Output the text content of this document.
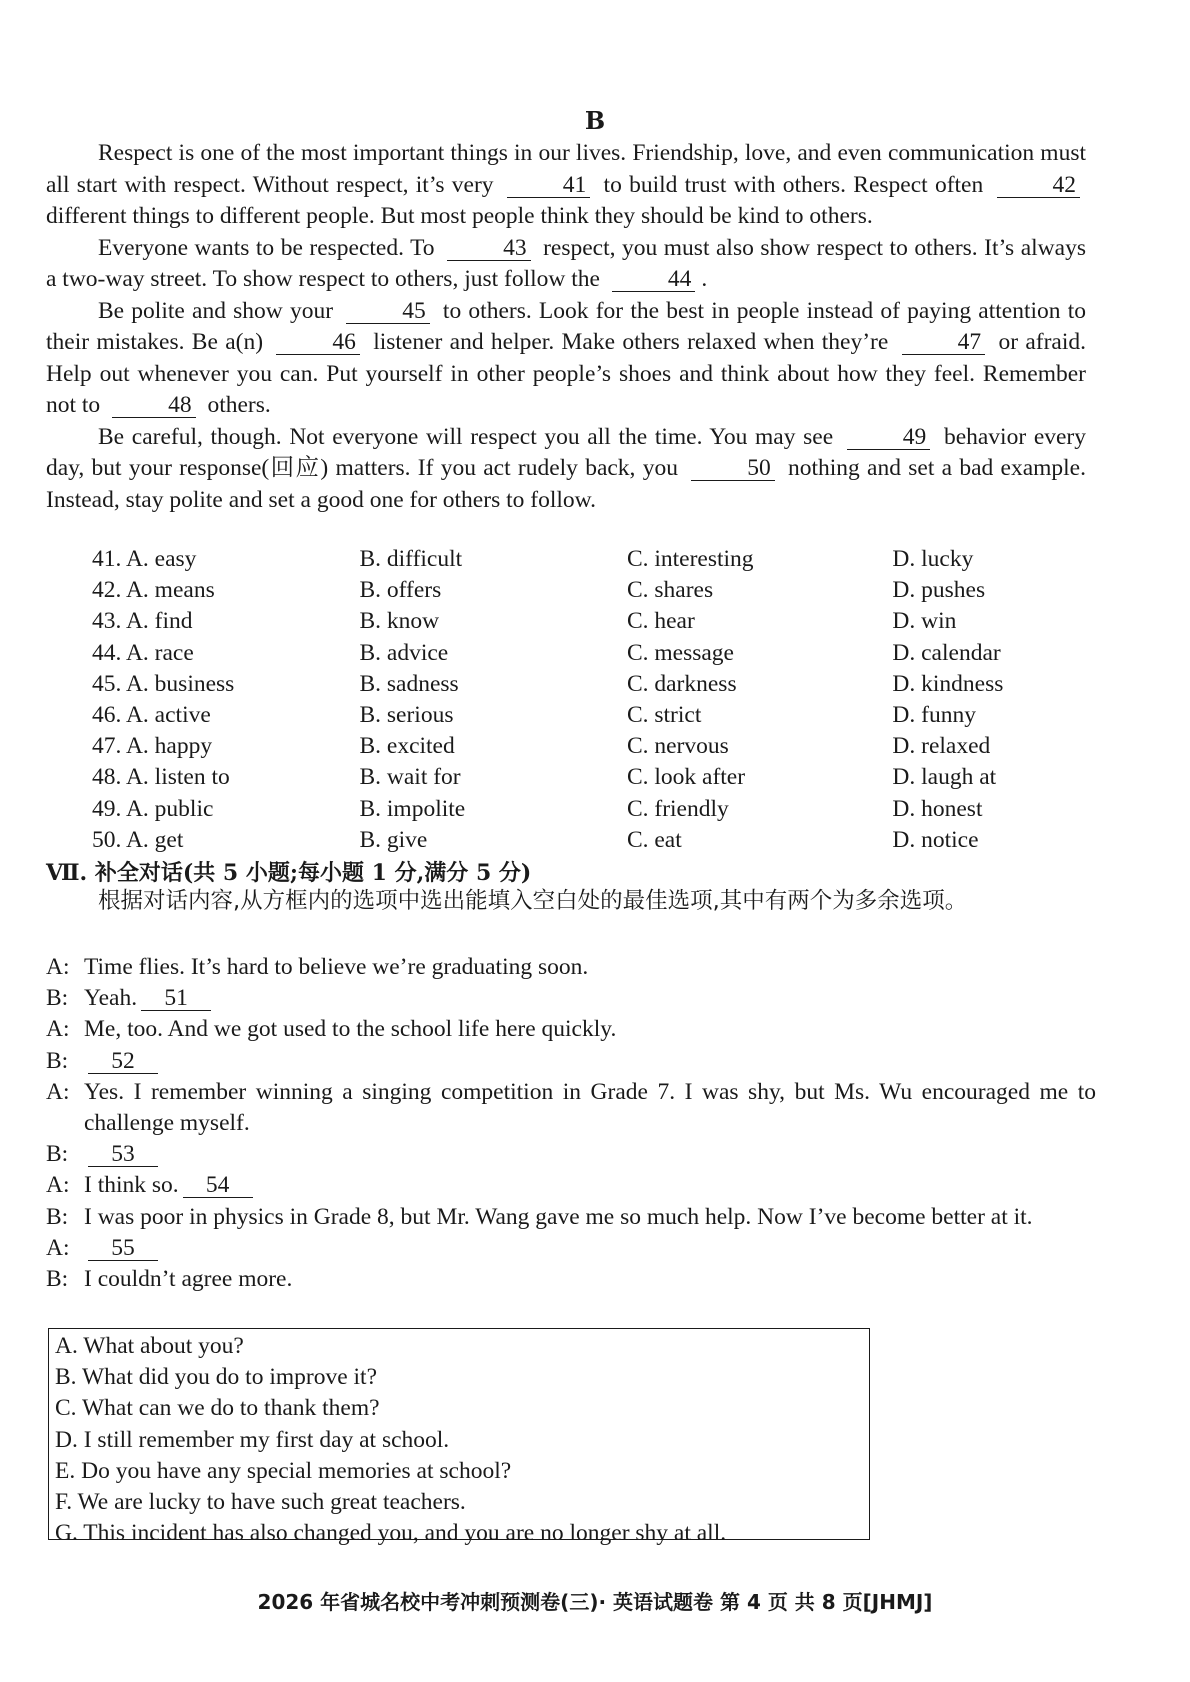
B

Respect is one of the most important things in our lives. Friendship, love, and even communication must all start with respect. Without respect, it’s very	41 to build trust with others. Respect often	42 different things to different people. But most people think they should be kind to others.

Everyone wants to be respected. To	43 respect, you must also show respect to others. It’s always a two-way street. To show respect to others, just follow the	44 .

Be polite and show your	45 to others. Look for the best in people instead of paying attention to their mistakes. Be a(n)	46 listener and helper. Make others relaxed when they’re	47 or afraid. Help out whenever you can. Put yourself in other people’s shoes and think about how they feel. Remember not to	48 others.

Be careful, though. Not everyone will respect you all the time. You may see	49 behavior every day, but your response(回应) matters. If you act rudely back, you	50 nothing and set a bad example. Instead, stay polite and set a good one for others to follow.

41. A. easy	B. difficult	C. interesting	D. lucky
42. A. means	B. offers	C. shares	D. pushes
43. A. find	B. know	C. hear	D. win
44. A. race	B. advice	C. message	D. calendar
45. A. business	B. sadness	C. darkness	D. kindness
46. A. active	B. serious	C. strict	D. funny
47. A. happy	B. excited	C. nervous	D. relaxed
48. A. listen to	B. wait for	C. look after	D. laugh at
49. A. public	B. impolite	C. friendly	D. honest
50. A. get	B. give	C. eat	D. notice
Ⅶ. 补全对话(共 5 小题;每小题 1 分,满分 5 分)
根据对话内容,从方框内的选项中选出能填入空白处的最佳选项,其中有两个为多余选项。
A: Time flies. It’s hard to believe we’re graduating soon.
B: Yeah. 51
A: Me, too. And we got used to the school life here quickly.
B:	52
A: Yes. I remember winning a singing competition in Grade 7. I was shy, but Ms. Wu encouraged me to challenge myself.
B:	53
A: I think so. 54
B: I was poor in physics in Grade 8, but Mr. Wang gave me so much help. Now I’ve become better at it.
A:	55
B: I couldn’t agree more.
A. What about you?
B. What did you do to improve it?
C. What can we do to thank them?
D. I still remember my first day at school.
E. Do you have any special memories at school?
F. We are lucky to have such great teachers.
G. This incident has also changed you, and you are no longer shy at all.
2026 年省城名校中考冲刺预测卷(三)· 英语试题卷 第 4 页 共 8 页[JHMJ]
